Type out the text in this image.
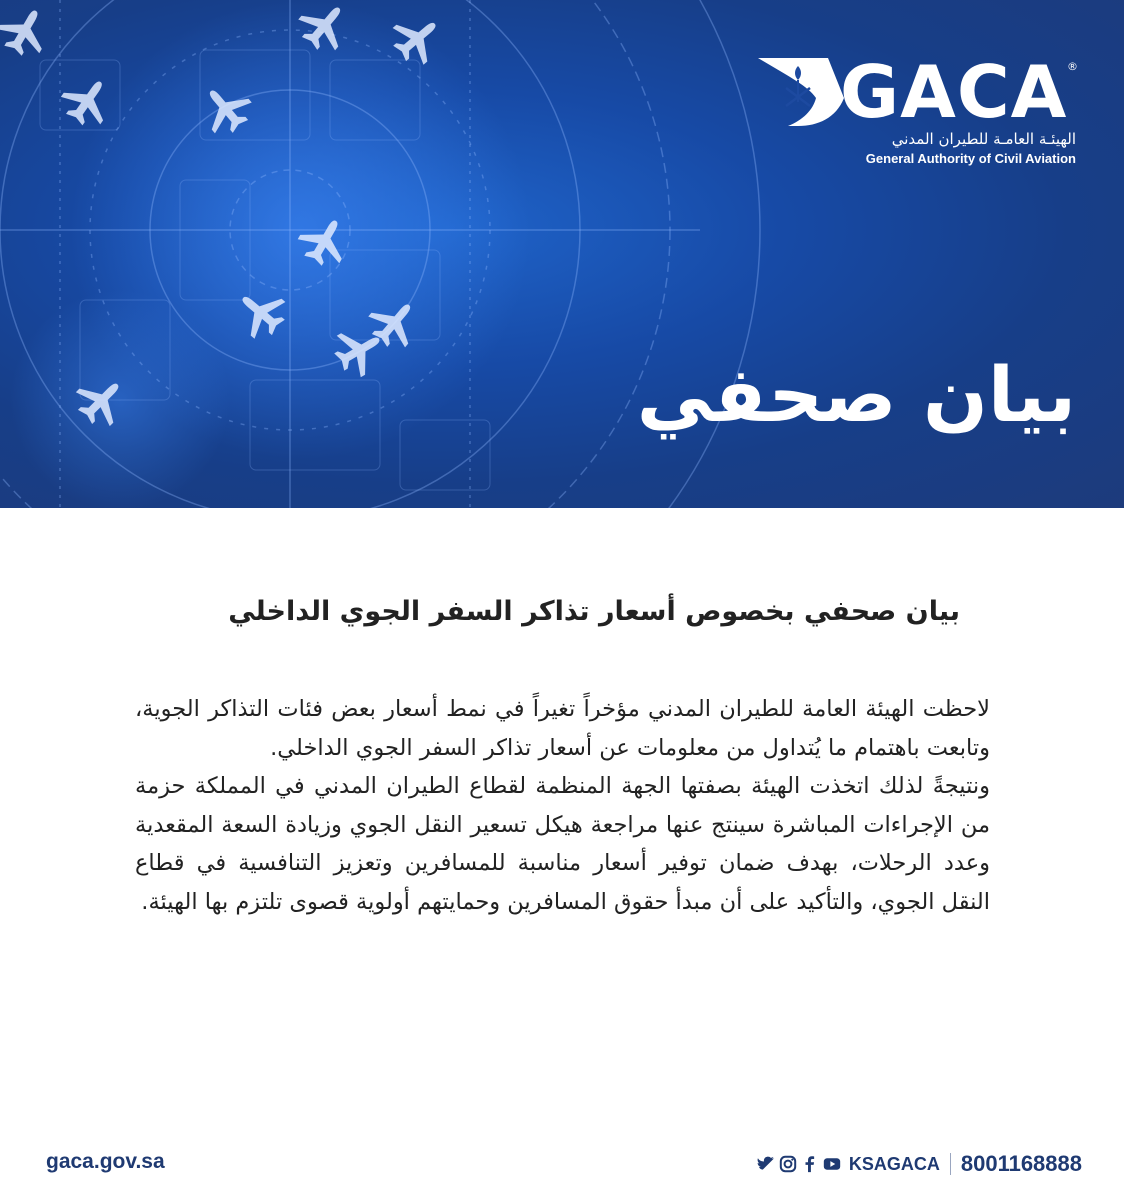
GACA ®
الهيئـة العامـة للطيران المدني
General Authority of Civil Aviation
بيان صحفي
بيان صحفي بخصوص أسعار تذاكر السفر الجوي الداخلي

لاحظت الهيئة العامة للطيران المدني مؤخراً تغيراً في نمط أسعار بعض فئات التذاكر الجوية، وتابعت باهتمام ما يُتداول من معلومات عن أسعار تذاكر السفر الجوي الداخلي.

ونتيجةً لذلك اتخذت الهيئة بصفتها الجهة المنظمة لقطاع الطيران المدني في المملكة حزمة من الإجراءات المباشرة سينتج عنها مراجعة هيكل تسعير النقل الجوي وزيادة السعة المقعدية وعدد الرحلات، بهدف ضمان توفير أسعار مناسبة للمسافرين وتعزيز التنافسية في قطاع النقل الجوي، والتأكيد على أن مبدأ حقوق المسافرين وحمايتهم أولوية قصوى تلتزم بها الهيئة.

gaca.gov.sa	KSAGACA 8001168888
